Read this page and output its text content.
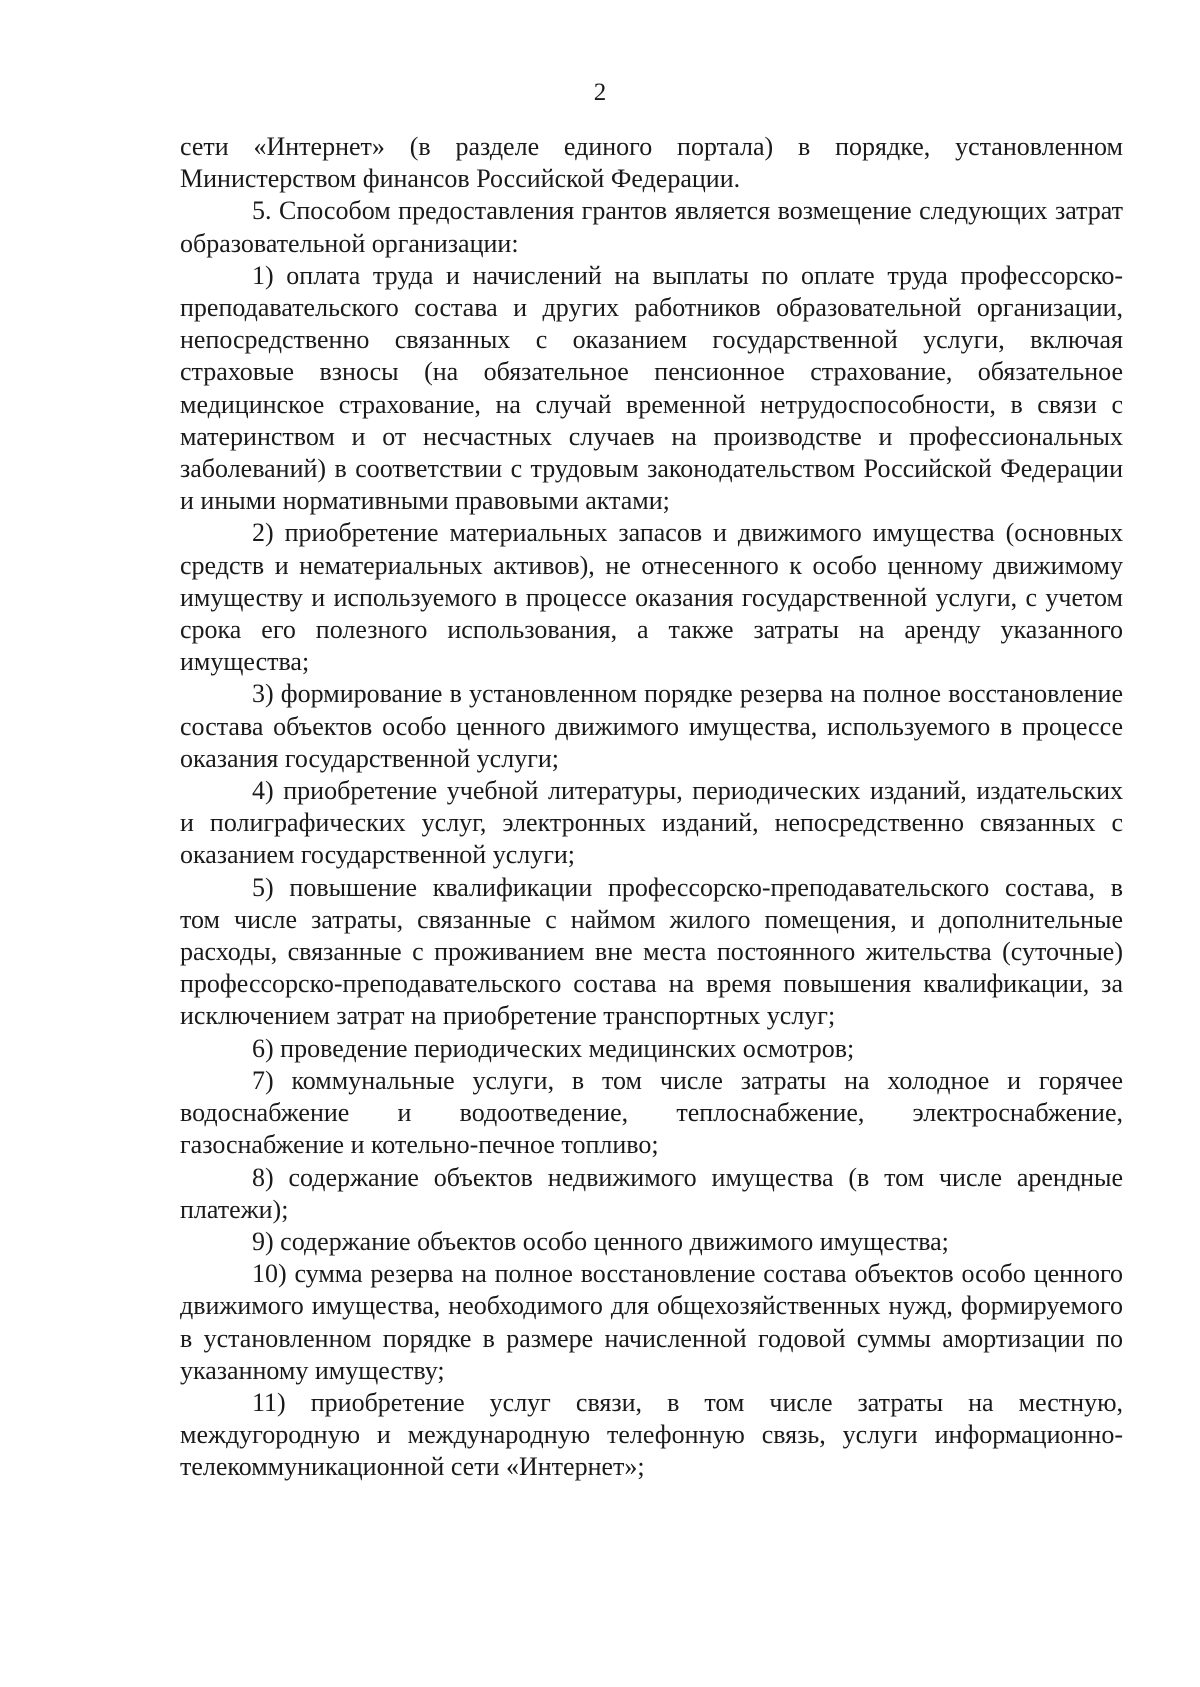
2

сети «Интернет» (в разделе единого портала) в порядке, установленном Министерством финансов Российской Федерации.

5. Способом предоставления грантов является возмещение следующих затрат образовательной организации:

1) оплата труда и начислений на выплаты по оплате труда профессорско-преподавательского состава и других работников образовательной организации, непосредственно связанных с оказанием государственной услуги, включая страховые взносы (на обязательное пенсионное страхование, обязательное медицинское страхование, на случай временной нетрудоспособности, в связи с материнством и от несчастных случаев на производстве и профессиональных заболеваний) в соответствии с трудовым законодательством Российской Федерации и иными нормативными правовыми актами;

2) приобретение материальных запасов и движимого имущества (основных средств и нематериальных активов), не отнесенного к особо ценному движимому имуществу и используемого в процессе оказания государственной услуги, с учетом срока его полезного использования, а также затраты на аренду указанного имущества;

3) формирование в установленном порядке резерва на полное восстановление состава объектов особо ценного движимого имущества, используемого в процессе оказания государственной услуги;

4) приобретение учебной литературы, периодических изданий, издательских и полиграфических услуг, электронных изданий, непосредственно связанных с оказанием государственной услуги;

5) повышение квалификации профессорско-преподавательского состава, в том числе затраты, связанные с наймом жилого помещения, и дополнительные расходы, связанные с проживанием вне места постоянного жительства (суточные) профессорско-преподавательского состава на время повышения квалификации, за исключением затрат на приобретение транспортных услуг;

6) проведение периодических медицинских осмотров;

7) коммунальные услуги, в том числе затраты на холодное и горячее водоснабжение и водоотведение, теплоснабжение, электроснабжение, газоснабжение и котельно-печное топливо;

8) содержание объектов недвижимого имущества (в том числе арендные платежи);

9) содержание объектов особо ценного движимого имущества;

10) сумма резерва на полное восстановление состава объектов особо ценного движимого имущества, необходимого для общехозяйственных нужд, формируемого в установленном порядке в размере начисленной годовой суммы амортизации по указанному имуществу;

11) приобретение услуг связи, в том числе затраты на местную, междугородную и международную телефонную связь, услуги информационно-телекоммуникационной сети «Интернет»;
